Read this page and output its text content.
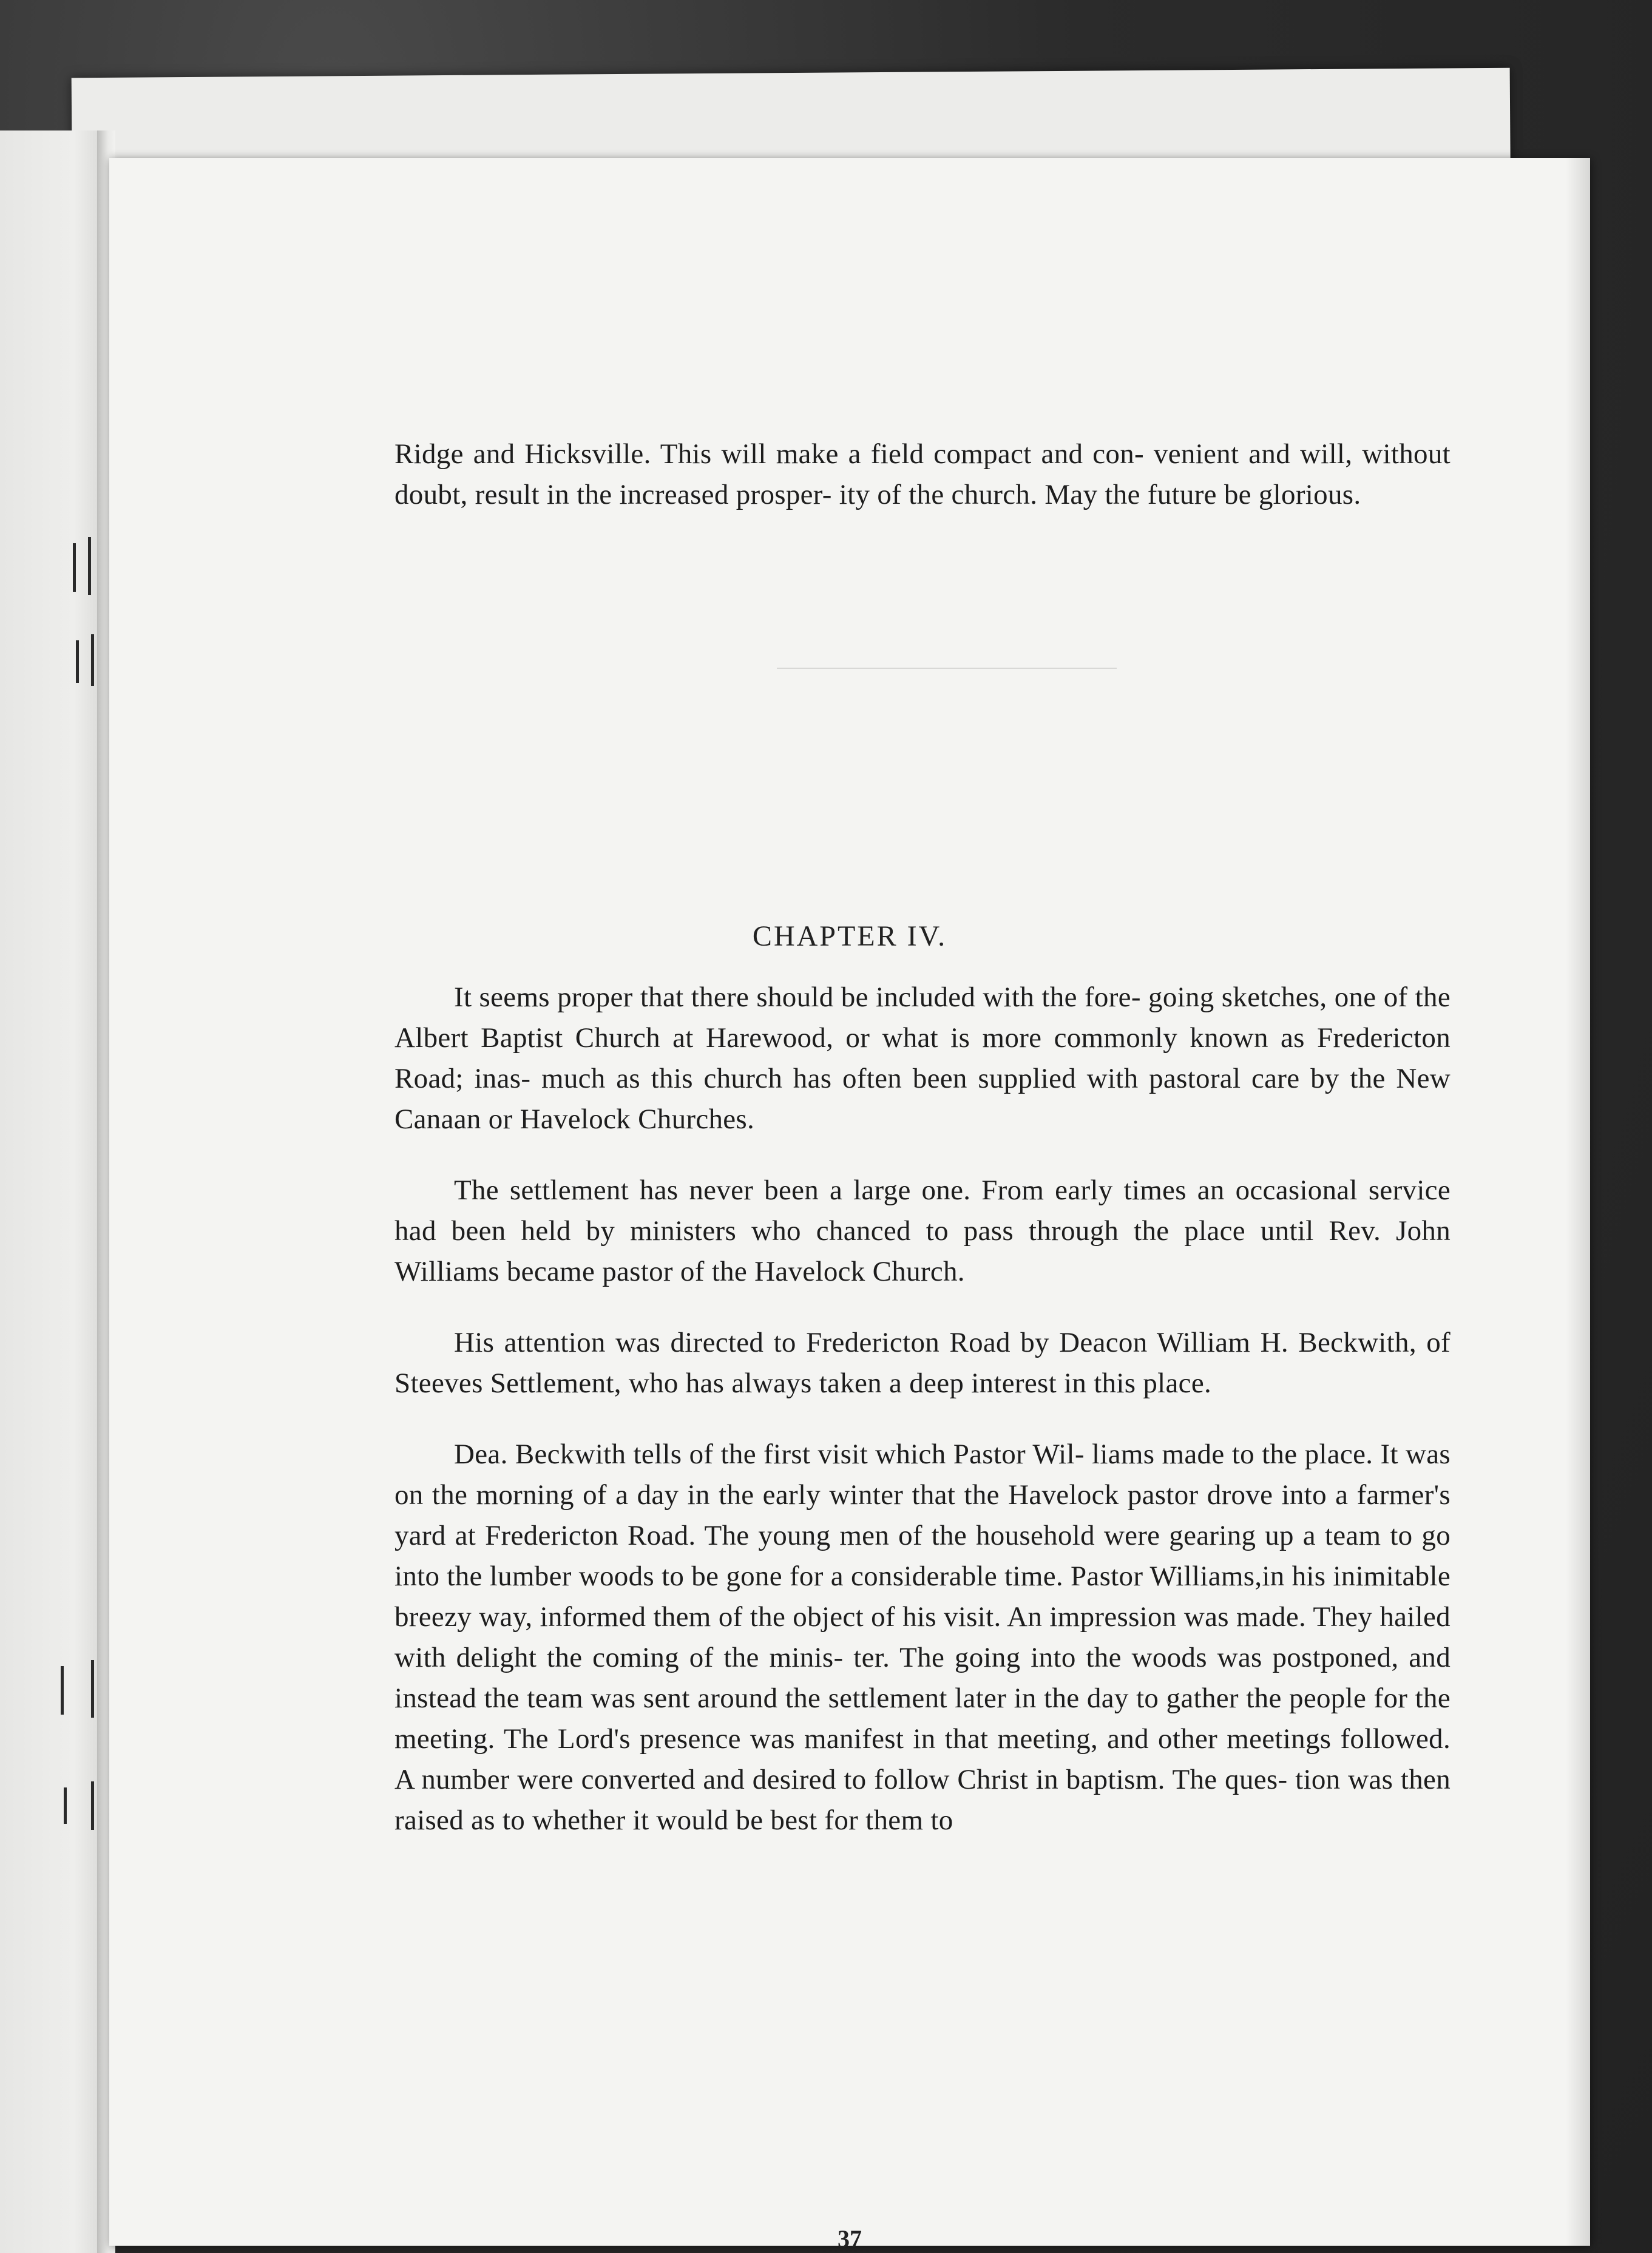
Ridge and Hicksville. This will make a field compact and con- venient and will, without doubt, result in the increased prosper- ity of the church. May the future be glorious.

CHAPTER IV.

It seems proper that there should be included with the fore- going sketches, one of the Albert Baptist Church at Harewood, or what is more commonly known as Fredericton Road; inas- much as this church has often been supplied with pastoral care by the New Canaan or Havelock Churches.

The settlement has never been a large one. From early times an occasional service had been held by ministers who chanced to pass through the place until Rev. John Williams became pastor of the Havelock Church.

His attention was directed to Fredericton Road by Deacon William H. Beckwith, of Steeves Settlement, who has always taken a deep interest in this place.

Dea. Beckwith tells of the first visit which Pastor Wil- liams made to the place. It was on the morning of a day in the early winter that the Havelock pastor drove into a farmer's yard at Fredericton Road. The young men of the household were gearing up a team to go into the lumber woods to be gone for a considerable time. Pastor Williams,in his inimitable breezy way, informed them of the object of his visit. An impression was made. They hailed with delight the coming of the minis- ter. The going into the woods was postponed, and instead the team was sent around the settlement later in the day to gather the people for the meeting. The Lord's presence was manifest in that meeting, and other meetings followed. A number were converted and desired to follow Christ in baptism. The ques- tion was then raised as to whether it would be best for them to

37
